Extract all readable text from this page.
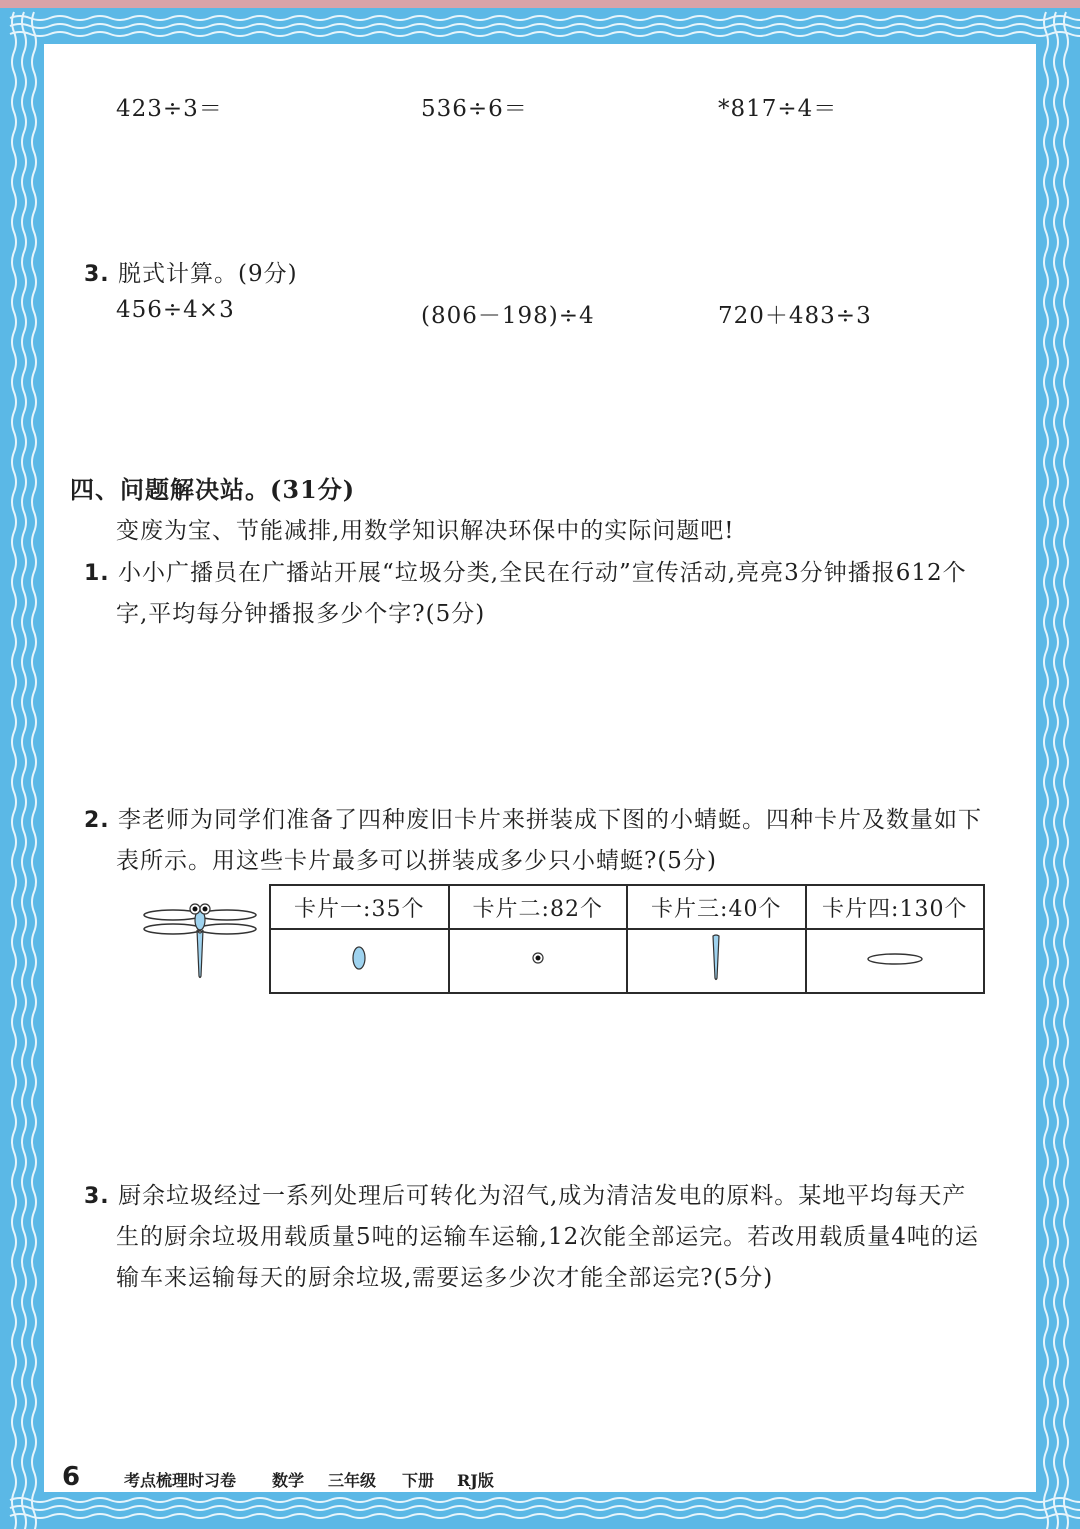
423÷3＝	536÷6＝	*817÷4＝
3. 脱式计算。(9分)
456÷4×3	(806－198)÷4	720＋483÷3
四、问题解决站。(31分)
变废为宝、节能减排,用数学知识解决环保中的实际问题吧!
1. 小小广播员在广播站开展“垃圾分类,全民在行动”宣传活动,亮亮3分钟播报612个
字,平均每分钟播报多少个字?(5分)
2. 李老师为同学们准备了四种废旧卡片来拼装成下图的小蜻蜓。四种卡片及数量如下
表所示。用这些卡片最多可以拼装成多少只小蜻蜓?(5分)
3. 厨余垃圾经过一系列处理后可转化为沼气,成为清洁发电的原料。某地平均每天产
生的厨余垃圾用载质量5吨的运输车运输,12次能全部运完。若改用载质量4吨的运
输车来运输每天的厨余垃圾,需要运多少次才能全部运完?(5分)
卡片一:35个	卡片二:82个	卡片三:40个	卡片四:130个

6	考点梳理时习卷 数学 三年级 下册 RJ版
